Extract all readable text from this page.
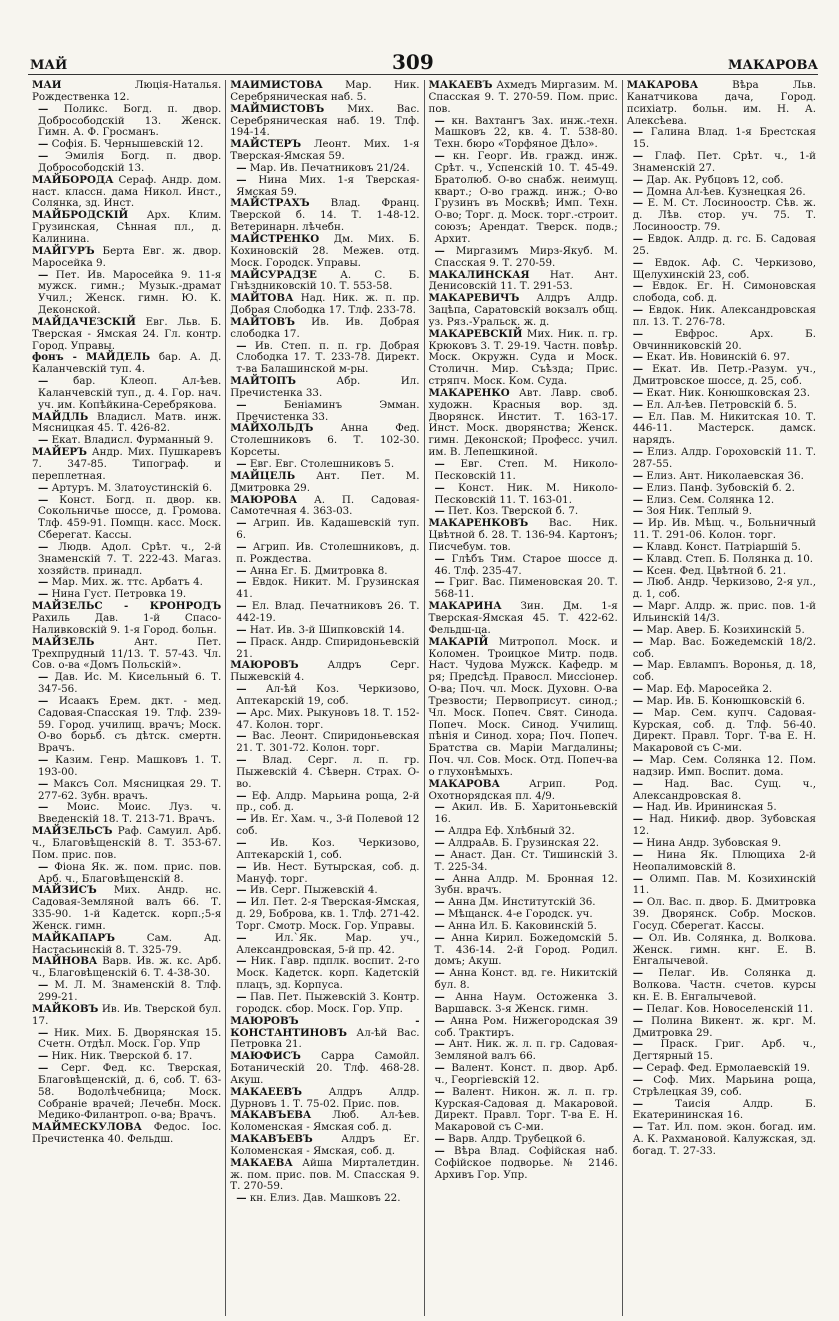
МАЙ	309	МАКАРОВА

МАЙ	Люція-Наталья. Рождественка 12.

— Поликс. Богд. п. двор. Добросободскій 13. Женск. Гимн. А. Ф. Гросманъ.

— Софія. Б. Чернышевскій 12.

— Эмилія Богд. п. двор. Добросободскій 13.

МАЙБОРОДА Сераф. Андр. дом. наст. классн. дама Никол. Инст., Солянка, зд. Инст.

МАЙБРОДСКІЙ Арх. Клим. Грузинская, Сѣнная пл., д. Калинина.

МАЙГУРЪ Берта Евг. ж. двор. Маросейка 9.

— Пет. Ив. Маросейка 9. 11-я мужск. гимн.; Музык.-драмат Учил.; Женск. гимн. Ю. К. Деконской.

МАЙДАЧЕЗСКІЙ Евг. Льв. Б. Тверская - Ямская 24. Гл. контр. Город. Управы.

фонъ - МАЙДЕЛЬ бар. А. Д. Каланчевскій туп. 4.

— бар. Клеоп. Ал-ѣев. Каланчевскій туп., д. 4. Гор. нач. уч. им. Копѣйкина-Серебрякова.

МАЙДЛЬ Владисл. Матв. инж. Мясницкая 45. Т. 426-82.

— Екат. Владисл. Фурманный 9.

МАЙЕРЪ Андр. Мих. Пушкаревъ 7. 347-85. Типограф. и переплетная.

— Артуръ. М. Златоустинскій 6.

— Конст. Богд. п. двор. кв. Сокольничье шоссе, д. Громова. Тлф. 459-91. Помщн. касс. Моск. Сберегат. Кассы.

— Людв. Адол. Срѣт. ч., 2-й Знаменскій 7. Т. 222-43. Магаз. хозяйств. принадл.

— Мар. Мих. ж. ттс. Арбатъ 4.

— Нина Густ. Петровка 19.

МАЙЗЕЛЬС - КРОНРОДЪ Рахиль Дав. 1-й Спасо-Наливковскій 9. 1-я Город. больн.

МАЙЗЕЛЬ	Ант. Пет. Трехпрудный 11/13. Т. 57-43. Чл. Сов. о-ва «Домъ Польскій».

— Дав. Ис. М. Кисельный 6. Т. 347-56.

— Исаакъ Ерем. дкт. - мед. Садовая-Спасская 19. Тлф. 239-59. Город. училищ. врачъ; Моск. О-во борьб. съ дѣтск. смертн. Врачъ.

— Казим. Генр. Машковъ 1. Т. 193-00.

— Максъ Сол. Мясницкая 29. Т. 277-62. Зубн. врачъ.

— Моис. Моис. Луз. ч. Введенскій 18. Т. 213-71. Врачъ.

МАЙЗЕЛЬСЪ Раф. Самуил. Арб. ч., Благовѣщенскій 8. Т. 353-67. Пом. прис. пов.

— Фіона Як. ж. пом. прис. пов. Арб. ч., Благовѣщенскій 8.

МАЙЗИСЪ Мих. Андр. нс. Садовая-Земляной валъ 66. Т. 335-90. 1-й Кадетск. корп.;5-я Женск. гимн.

МАЙКАПАРЪ	Сам. Ад. Настасьинскій 8. Т. 325-79.

МАЙНОВА Варв. Ив. ж. кс. Арб. ч., Благовѣщенскій 6. Т. 4-38-30.

— М. Л. М. Знаменскій 8. Тлф. 299-21.

МАЙКОВЪ Ив. Ив. Тверской бул. 17.

— Ник. Мих. Б. Дворянская 15. Счетн. Отдѣл. Моск. Гор. Упр

— Ник. Ник. Тверской б. 17.

— Серг. Фед. кс. Тверская, Благовѣщенскій, д. 6, соб. Т. 63-58. Водолѣчебница; Моск. Собраніе врачей; Лечебн. Моск. Медико-Филантроп. о-ва; Врачъ.

МАЙМЕСКУЛОВА Федос. Іос. Пречистенка 40. Фельдш.

МАЙМИСТОВА Мар. Ник. Серебряническая наб. 5.

МАЙМИСТОВЪ Мих. Вас. Серебряническая наб. 19. Тлф. 194-14.

МАЙСТЕРЪ Леонт. Мих. 1-я Тверская-Ямская 59.

— Мар. Ив. Печатниковъ 21/24.

— Нина Мих. 1-я Тверская-Ямская 59.

МАЙСТРАХЪ Влад. Франц. Тверской б. 14. Т. 1-48-12. Ветеринарн. лѣчебн.

МАЙСТРЕНКО Дм. Мих. Б. Кохиновскій 28. Межев. отд. Моск. Городск. Управы.

МАЙСУРАДЗЕ А. С. Б. Гнѣздниковскій 10. Т. 553-58.

МАЙТОВА Над. Ник. ж. п. пр. Добрая Слободка 17. Тлф. 233-78.

МАЙТОВЪ Ив. Ив. Добрая слободка 17.

— Ив. Степ. п. п. гр. Добрая Слободка 17. Т. 233-78. Директ. т-ва Балашинской м-ры.

МАЙТОПЪ	Абр. Ил. Пречистенка 33.

—	Беніаминъ Эмман. Пречистенка 33.

МАЙХОЛЬДЪ	Анна Фед. Столешниковъ 6. Т. 102-30. Корсеты.

— Евг. Евг. Столешниковъ 5.

МАЙЦЕЛЬ Ант. Пет. М. Дмитровка 29.

МАЮРОВА А. П. Садовая-Самотечная 4. 363-03.

— Агрип. Ив. Кадашевскій туп. 6.

— Агрип. Ив. Столешниковъ, д. п. Рождества.

— Анна Ег. Б. Дмитровка 8.

— Евдок. Никит. М. Грузинская 41.

— Ел. Влад. Печатниковъ 26. Т. 442-19.

— Нат. Ив. 3-й Шипковскій 14.

— Праск. Андр. Спиридоньевскій 21.

МАЮРОВЪ	Алдръ Серг. Пыжевскій 4.

— Ал-ѣй Коз. Черкизово, Аптекарскій 19, соб.

— Арс. Мих. Рыкуновъ 18. Т. 152-47. Колон. торг.

— Вас. Леонт. Спиридоньевская 21. Т. 301-72. Колон. торг.

— Влад. Серг. л. п. гр. Пыжевскій 4. Сѣверн. Страх. О-во.

— Еф. Алдр. Марьина роща, 2-й пр., соб. д.

— Ив. Ег. Хам. ч., 3-й Полевой 12 соб.

— Ив. Коз. Черкизово, Аптекарскій 1, соб.

— Ив. Нест. Бутырская, соб. д. Мануф. торг.

— Ив. Серг. Пыжевскій 4.

— Ил. Пет. 2-я Тверская-Ямская, д. 29, Боброва, кв. 1. Тлф. 271-42. Торг. Смотр. Моск. Гор. Управы.

—	Ил.`Як. Мар. уч., Александровская, 5-й пр. 42.

— Ник. Гавр. пдплк. воспит. 2-го Моск. Кадетск. корп. Кадетскій плацъ, зд. Корпуса.

— Пав. Пет. Пыжевскій 3. Контр. городск. сбор. Моск. Гор. Упр.

МАЮРОВЪ - КОНСТАНТИНОВЪ Ал-ѣй Вас. Петровка 21.

МАЮФИСЪ Сарра Самойл. Ботаническій 20. Тлф. 468-28. Акуш.

МАКАЕЕВЪ	Алдръ Алдр. Дурновъ 1. Т. 75-02. Прис. пов.

МАКАВЪЕВА Люб. Ал-ѣев. Коломенская - Ямская соб. д.

МАКАВЪЕВЪ	Алдръ Ег. Коломенская - Ямская, соб. д.

МАКАЕВА Айша Мирталетдин. ж. пом. прис. пов. М. Спасская 9. Т. 270-59.

— кн. Елиз. Дав. Машковъ 22.

МАКАЕВЪ Ахмедъ Миргазим. М. Спасская 9. Т. 270-59. Пом. прис. пов.

— кн. Вахтангъ Зах. инж.-техн. Машковъ 22, кв. 4. Т. 538-80. Техн. бюро «Торфяное Дѣло».

— кн. Георг. Ив. гражд. инж. Срѣт. ч., Успенскій 10. Т. 45-49. Братолюб. О-во снабж. неимущ. кварт.; О-во гражд. инж.; О-во Грузинъ въ Москвѣ; Имп. Техн. О-во; Торг. д. Моск. торг.-строит. союзъ; Арендат. Тверск. подв.; Архит.

— Миргазимъ Мирз-Якуб. М. Спасская 9. Т. 270-59.

МАКАЛИНСКАЯ Нат. Ант. Денисовскій 11. Т. 291-53.

МАКАРЕВИЧЪ Алдръ Алдр. Зацѣпа, Саратовскій вокзалъ общ. уз. Ряз.-Уральск. ж. д.

МАКАРЕВСКІЙ Мих. Ник. п. гр. Крюковъ 3. Т. 29-19. Частн. повѣр. Моск. Окружн. Суда и Моск. Столичн. Мир. Съѣзда; Прис. стряпч. Моск. Ком. Суда.

МАКАРЕНКО Авт. Лавр. своб. художн. Красныя вор. зд. Дворянск. Инстит. Т. 163-17. Инст. Моск. дворянства; Женск. гимн. Деконской; Професс. учил. им. В. Лепешкиной.

— Евг. Степ. М. Николо-Песковскій 11.

— Конст. Ник. М. Николо-Песковскій 11. Т. 163-01.

— Пет. Коз. Тверской б. 7.

МАКАРЕНКОВЪ Вас. Ник. Цвѣтной б. 28. Т. 136-94. Картонъ; Писчебум. тов.

— Глѣбъ Тим. Старое шоссе д. 46. Тлф. 235-47.

— Григ. Вас. Пименовская 20. Т. 568-11.

МАКАРИНА Зин. Дм. 1-я Тверская-Ямская 45. Т. 422-62. Фельдш-ца.

МАКАРІЙ Митропол. Моск. и Коломен. Троицкое Митр. подв. Наст. Чудова Мужск. Кафедр. м ря; Предсѣд. Правосл. Миссіонер. О-ва; Поч. чл. Моск. Духовн. О-ва Трезвости; Первоприсут. синод.; Чл. Моск. Попеч. Свят. Синода. Попеч. Моск. Синод. Училищ. пѣнія и Синод. хора; Поч. Попеч. Братства св. Маріи Магдалины; Поч. чл. Сов. Моск. Отд. Попеч-ва о глухонѣмыхъ.

МАКАРОВА	Агрип. Род. Охотнорядская пл. 4/9.

— Акил. Ив. Б. Харитоньевскій 16.

— Алдра Еф. Хлѣбный 32.

— АлдраАв. Б. Грузинская 22.

— Анаст. Дан. Ст. Тишинскій 3. Т. 225-34.

— Анна Алдр. М. Бронная 12. Зубн. врачъ.

— Анна Дм. Институтскій 36.

— Мѣщанск. 4-е Городск. уч.

— Анна Ил. Б. Каковинскій 5.

— Анна Кирил. Божедомскій 5. Т. 436-14. 2-й Город. Родил. домъ; Акуш.

— Анна Конст. вд. ге. Никитскій бул. 8.

— Анна Наум. Остоженка 3. Варшавск. 3-я Женск. гимн.

— Анна Ром. Нижегородская 39 соб. Трактиръ.

— Ант. Ник. ж. л. п. гр. Садовая-Земляной валъ 66.

— Валент. Конст. п. двор. Арб. ч., Георгіевскій 12.

— Валент. Никон. ж. л. п. гр. Курская-Садовая д. Макаровой. Директ. Правл. Торг. Т-ва Е. Н. Макаровой съ С-ми.

— Варв. Алдр. Трубецкой 6.

— Вѣра Влад. Софійская наб. Софійское подворье. № 2146. Архивъ Гор. Упр.

МАКАРОВА	Вѣра Льв. Канатчикова дача, Город. психіатр. больн. им. Н. А. Алексѣева.

— Галина Влад. 1-я Брестская 15.

— Глаф. Пет. Срѣт. ч., 1-й Знаменскій 27.

— Дар. Ак. Рубцовъ 12, соб.

— Домна Ал-ѣев. Кузнецкая 26.

— Е. М. Ст. Лосиноостр. Сѣв. ж. д. Лѣв. стор. уч. 75. Т. Лосиноостр. 79.

— Евдок. Алдр. д. гс. Б. Садовая 25.

— Евдок. Аф. С. Черкизово, Щелухинскій 23, соб.

— Евдок. Ег. Н. Симоновская слобода, соб. д.

— Евдок. Ник. Александровская пл. 13. Т. 276-78.

—	Евфрос. Арх. Б. Овчинниковскій 20.

— Екат. Ив. Новинскій 6. 97.

— Екат. Ив. Петр.-Разум. уч., Дмитровское шоссе, д. 25, соб.

— Екат. Ник. Конюшковская 23.

— Ел. Ал-ѣев. Петровскій б. 5.

— Ел. Пав. М. Никитская 10. Т. 446-11. Мастерск. дамск. нарядъ.

— Елиз. Алдр. Гороховскій 11. Т. 287-55.

— Елиз. Ант. Николаевская 36.

— Елиз. Панф. Зубовскій б. 2.

— Елиз. Сем. Солянка 12.

— Зоя Ник. Теплый 9.

— Ир. Ив. Мѣщ. ч., Больничный 11. Т. 291-06. Колон. торг.

— Клавд. Конст. Патріаршій 5.

— Клавд. Степ. Б. Полянка д. 10.

— Ксен. Фед. Цвѣтной б. 21.

— Люб. Андр. Черкизово, 2-я ул., д. 1, соб.

— Марг. Алдр. ж. прис. пов. 1-й Ильинскій 14/3.

— Мар. Авер. Б. Козихинскій 5.

— Мар. Вас. Божедемскій 18/2. соб.

— Мар. Евлампъ. Воронья, д. 18, соб.

— Мар. Еф. Маросейка 2.

— Мар. Ив. Б. Конюшковскій 6.

— Мар. Сем. купч. Садовая-Курская, соб. д. Тлф. 56-40. Директ. Правл. Торг. Т-ва Е. Н. Макаровой съ С-ми.

— Мар. Сем. Солянка 12. Пом. надзир. Имп. Воспит. дома.

— Над. Вас. Сущ. ч., Александровская 8.

— Над. Ив. Ирининская 5.

— Над. Никиф. двор. Зубовская 12.

— Нина Андр. Зубовская 9.

— Нина Як. Плющиха 2-й Неопалимовскій 8.

— Олимп. Пав. М. Козихинскій 11.

— Ол. Вас. п. двор. Б. Дмитровка 39. Дворянск. Собр. Москов. Госуд. Сберегат. Кассы.

— Ол. Ив. Солянка, д. Волкова. Женск. гимн. кнг. Е. В. Енгалычевой.

— Пелаг. Ив. Солянка д. Волкова. Частн. счетов. курсы кн. Е. В. Енгалычевой.

— Пелаг. Ков. Новоселенскій 11.

— Полина Викент. ж. крг. М. Дмитровка 29.

— Праск. Григ. Арб. ч., Дегтярный 15.

— Сераф. Фед. Ермолаевскій 19.

— Соф. Мих. Марьина роща, Стрѣлецкая 39, соб.

—	Таисія Алдр. Б. Екатерининская 16.

— Тат. Ил. пом. экон. богад. им. А. К. Рахмановой. Калужская, зд. богад. Т. 27-33.
